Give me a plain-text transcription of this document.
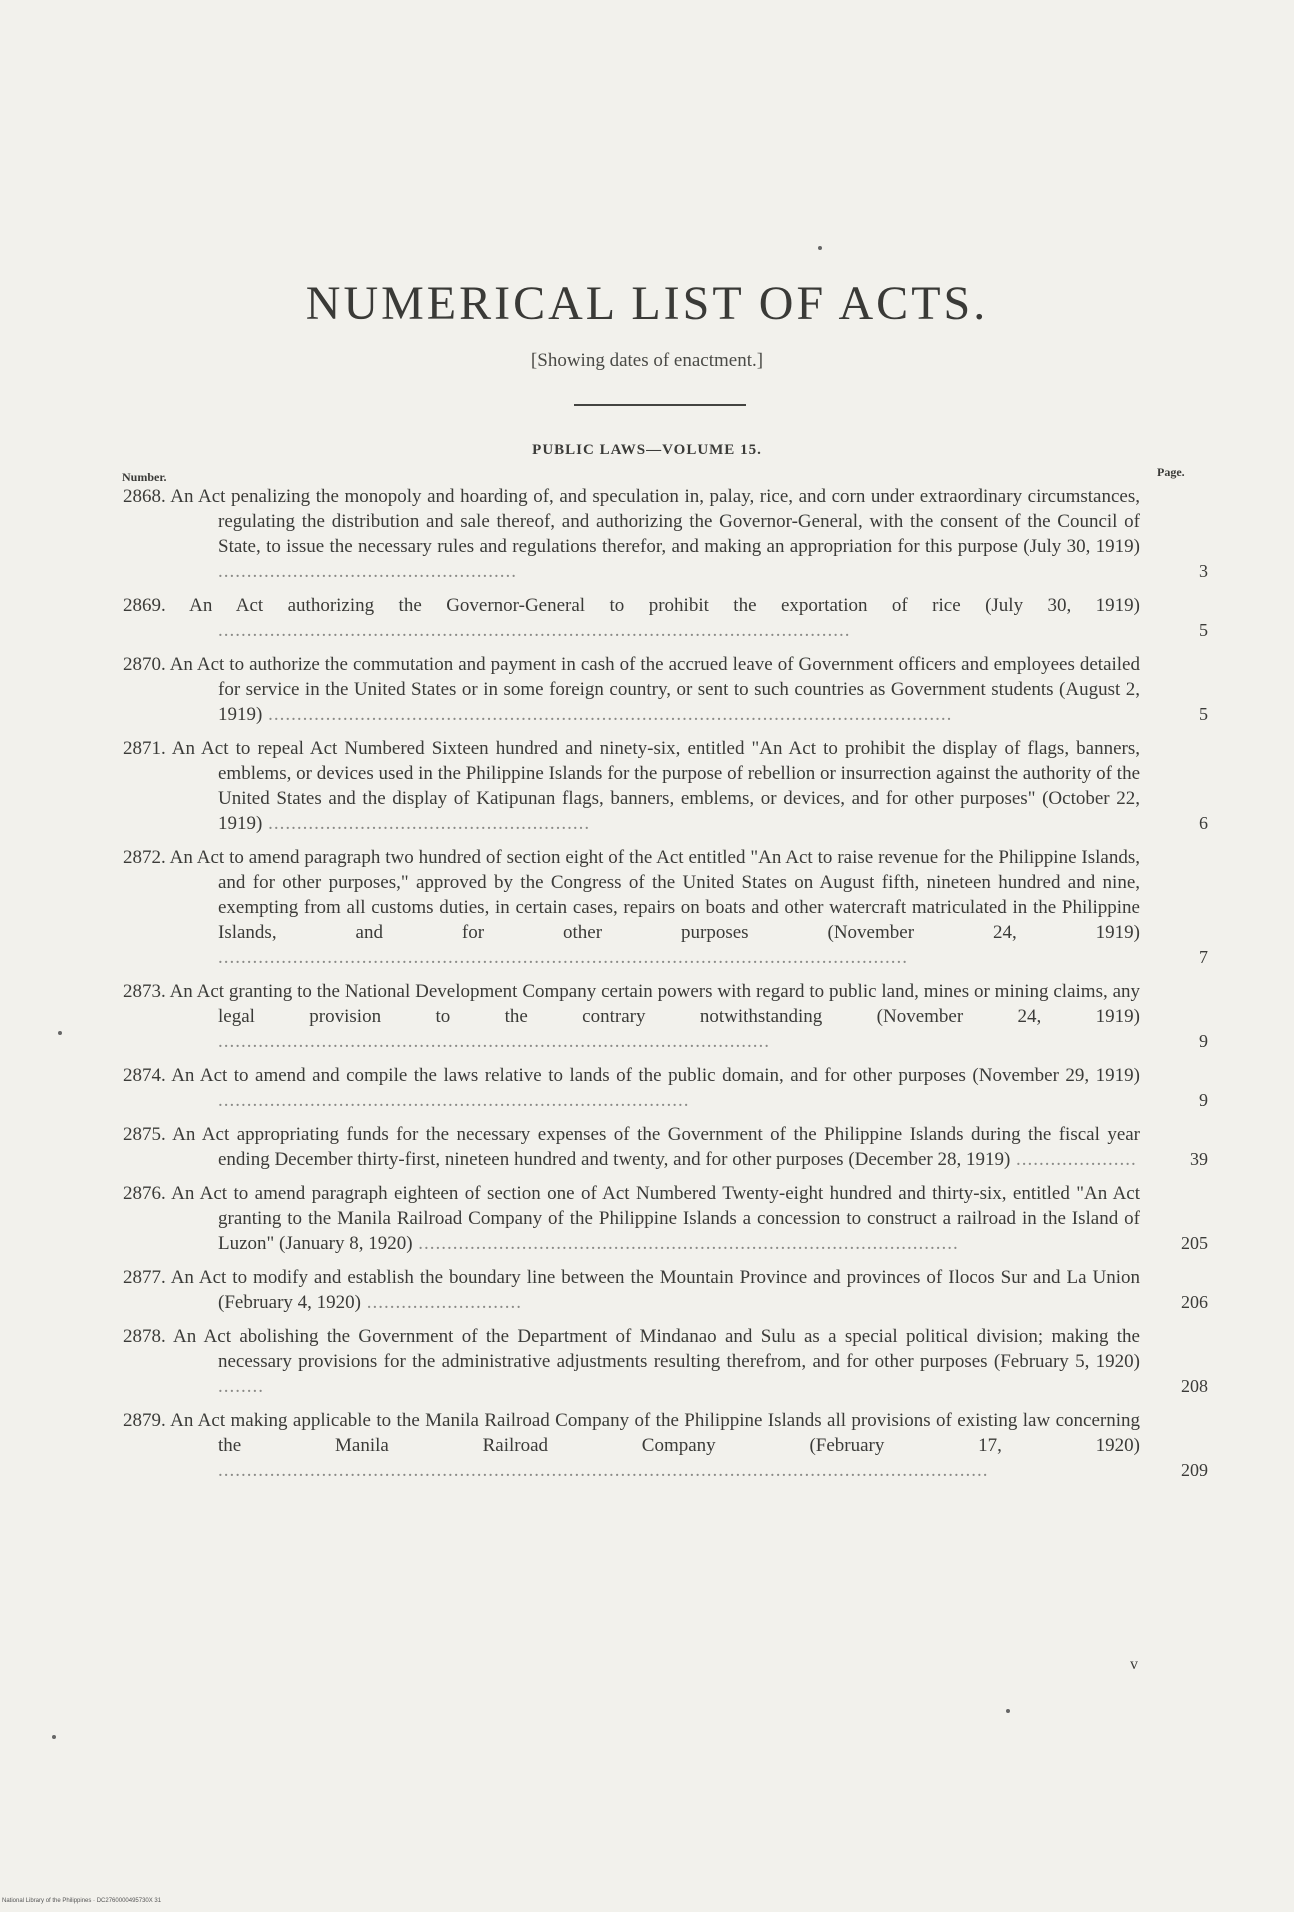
NUMERICAL LIST OF ACTS.
[Showing dates of enactment.]
PUBLIC LAWS—VOLUME 15.
Number.	Page.
2868. An Act penalizing the monopoly and hoarding of, and speculation in, palay, rice, and corn under extraordinary circumstances, regulating the distribution and sale thereof, and authorizing the Governor-General, with the consent of the Council of State, to issue the necessary rules and regulations therefor, and making an appropriation for this purpose (July 30, 1919) ....................................................	3
2869. An Act authorizing the Governor-General to prohibit the exportation of rice (July 30, 1919) ..............................................................................................................	5
2870. An Act to authorize the commutation and payment in cash of the accrued leave of Government officers and employees detailed for service in the United States or in some foreign country, or sent to such countries as Government students (August 2, 1919) .......................................................................................................................	5
2871. An Act to repeal Act Numbered Sixteen hundred and ninety-six, entitled "An Act to prohibit the display of flags, banners, emblems, or devices used in the Philippine Islands for the purpose of rebellion or insurrection against the authority of the United States and the display of Katipunan flags, banners, emblems, or devices, and for other purposes" (October 22, 1919) ........................................................	6
2872. An Act to amend paragraph two hundred of section eight of the Act entitled "An Act to raise revenue for the Philippine Islands, and for other purposes," approved by the Congress of the United States on August fifth, nineteen hundred and nine, exempting from all customs duties, in certain cases, repairs on boats and other watercraft matriculated in the Philippine Islands, and for other purposes (November 24, 1919) ........................................................................................................................	7
2873. An Act granting to the National Development Company certain powers with regard to public land, mines or mining claims, any legal provision to the contrary notwithstanding (November 24, 1919) ................................................................................................	9
2874. An Act to amend and compile the laws relative to lands of the public domain, and for other purposes (November 29, 1919) ..................................................................................	9
2875. An Act appropriating funds for the necessary expenses of the Government of the Philippine Islands during the fiscal year ending December thirty-first, nineteen hundred and twenty, and for other purposes (December 28, 1919) .....................	39
2876. An Act to amend paragraph eighteen of section one of Act Numbered Twenty-eight hundred and thirty-six, entitled "An Act granting to the Manila Railroad Company of the Philippine Islands a concession to construct a railroad in the Island of Luzon" (January 8, 1920) ..............................................................................................	205
2877. An Act to modify and establish the boundary line between the Mountain Province and provinces of Ilocos Sur and La Union (February 4, 1920) ...........................	206
2878. An Act abolishing the Government of the Department of Mindanao and Sulu as a special political division; making the necessary provisions for the administrative adjustments resulting therefrom, and for other purposes (February 5, 1920) ........	208
2879. An Act making applicable to the Manila Railroad Company of the Philippine Islands all provisions of existing law concerning the Manila Railroad Company (February 17, 1920) ......................................................................................................................................	209
v
National Library of the Philippines · DC2760000495730X 31
